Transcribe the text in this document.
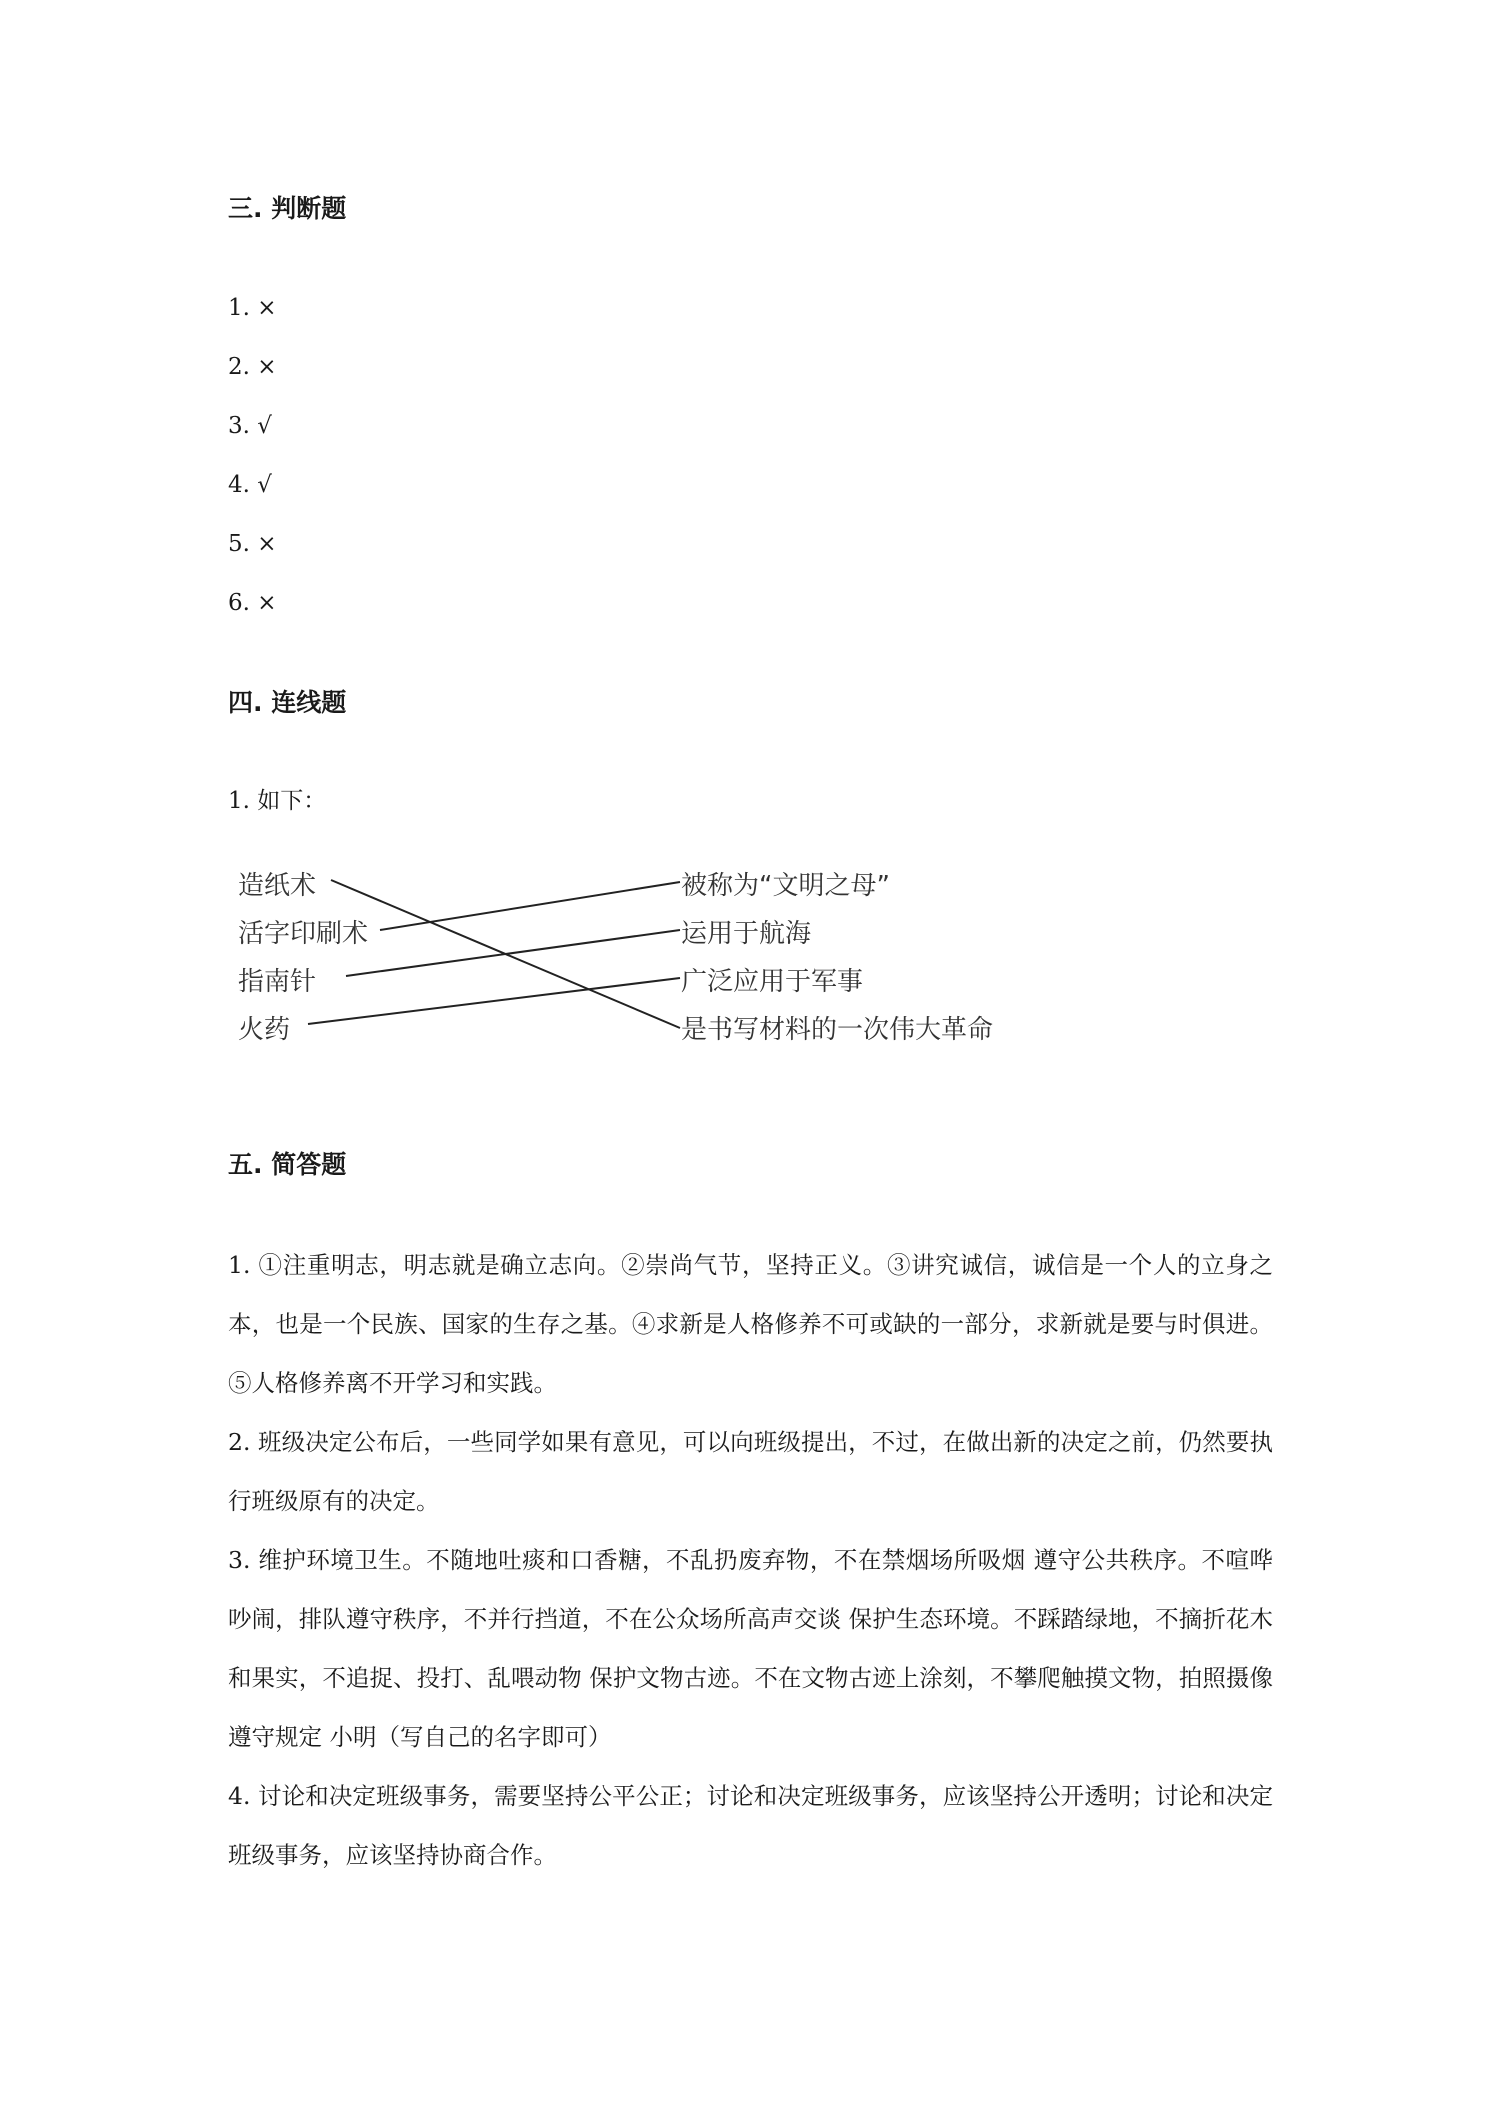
三. 判断题
1. ×
2. ×
3. √
4. √
5. ×
6. ×
四. 连线题
1. 如下：
造纸术
活字印刷术
指南针
火药
被称为“文明之母”
运用于航海
广泛应用于军事
是书写材料的一次伟大革命
五. 简答题

1. ①注重明志，明志就是确立志向。②崇尚气节，坚持正义。③讲究诚信，诚信是一个人的立身之本，也是一个民族、国家的生存之基。④求新是人格修养不可或缺的一部分，求新就是要与时俱进。⑤人格修养离不开学习和实践。

2. 班级决定公布后，一些同学如果有意见，可以向班级提出，不过，在做出新的决定之前，仍然要执行班级原有的决定。

3. 维护环境卫生。不随地吐痰和口香糖，不乱扔废弃物，不在禁烟场所吸烟 遵守公共秩序。不喧哗吵闹，排队遵守秩序，不并行挡道，不在公众场所高声交谈 保护生态环境。不踩踏绿地，不摘折花木和果实，不追捉、投打、乱喂动物 保护文物古迹。不在文物古迹上涂刻，不攀爬触摸文物，拍照摄像遵守规定 小明（写自己的名字即可）

4. 讨论和决定班级事务，需要坚持公平公正；讨论和决定班级事务，应该坚持公开透明；讨论和决定班级事务，应该坚持协商合作。
